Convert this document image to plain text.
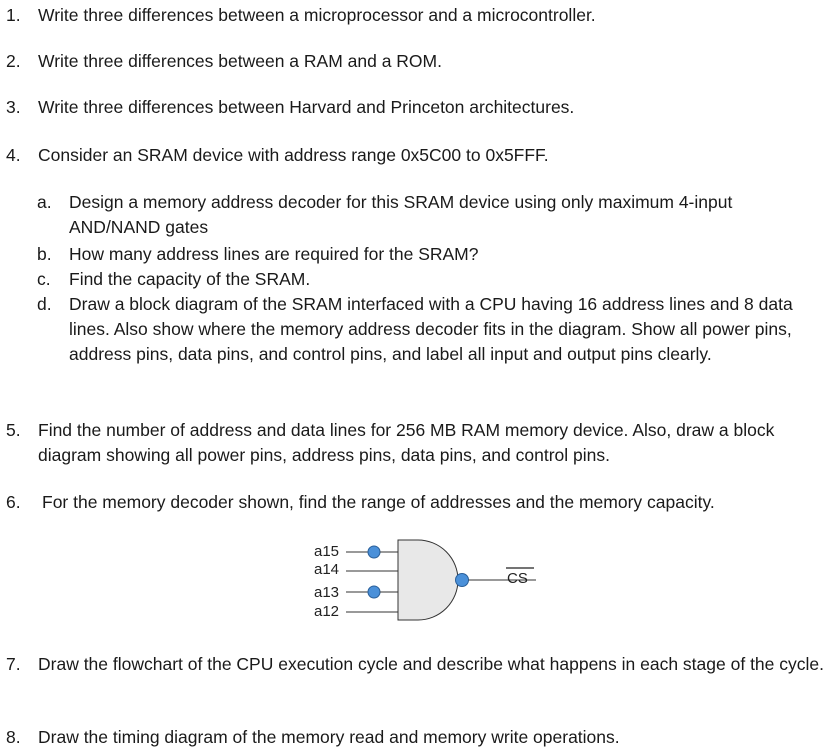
1. Write three differences between a microprocessor and a microcontroller.
2. Write three differences between a RAM and a ROM.
3. Write three differences between Harvard and Princeton architectures.
4. Consider an SRAM device with address range 0x5C00 to 0x5FFF.
a. Design a memory address decoder for this SRAM device using only maximum 4-input AND/NAND gates
b. How many address lines are required for the SRAM?
c. Find the capacity of the SRAM.
d. Draw a block diagram of the SRAM interfaced with a CPU having 16 address lines and 8 data lines. Also show where the memory address decoder fits in the diagram. Show all power pins, address pins, data pins, and control pins, and label all input and output pins clearly.
5. Find the number of address and data lines for 256 MB RAM memory device. Also, draw a block diagram showing all power pins, address pins, data pins, and control pins.
6. For the memory decoder shown, find the range of addresses and the memory capacity.
a15
a14
a13
a12
CS
7. Draw the flowchart of the CPU execution cycle and describe what happens in each stage of the cycle.
8. Draw the timing diagram of the memory read and memory write operations.
